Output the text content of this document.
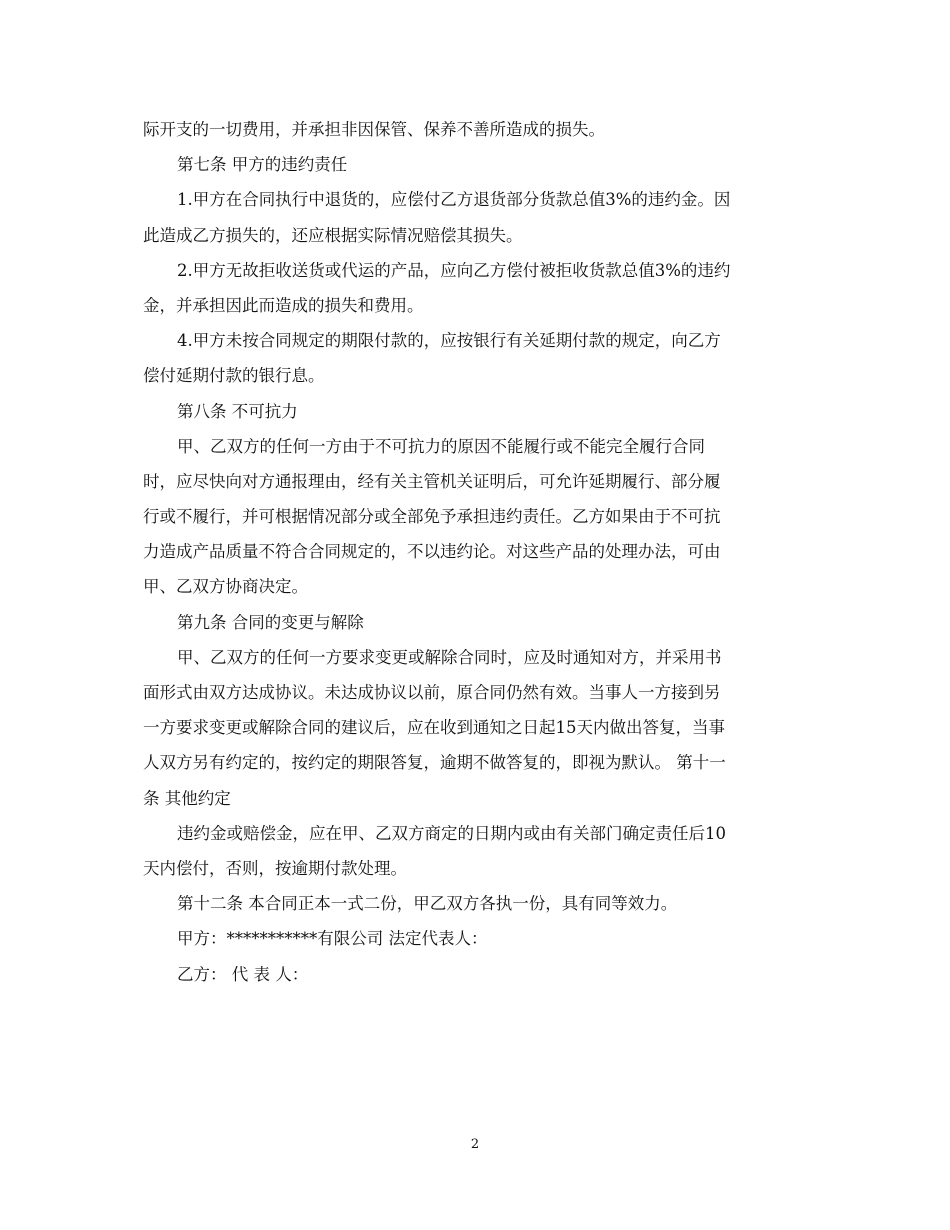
际开支的一切费用，并承担非因保管、保养不善所造成的损失。
第七条 甲方的违约责任
1.甲方在合同执行中退货的，应偿付乙方退货部分货款总值3%的违约金。因
此造成乙方损失的，还应根据实际情况赔偿其损失。
2.甲方无故拒收送货或代运的产品，应向乙方偿付被拒收货款总值3%的违约
金，并承担因此而造成的损失和费用。
4.甲方未按合同规定的期限付款的，应按银行有关延期付款的规定，向乙方
偿付延期付款的银行息。
第八条 不可抗力
甲、乙双方的任何一方由于不可抗力的原因不能履行或不能完全履行合同
时，应尽快向对方通报理由，经有关主管机关证明后，可允许延期履行、部分履
行或不履行，并可根据情况部分或全部免予承担违约责任。乙方如果由于不可抗
力造成产品质量不符合合同规定的，不以违约论。对这些产品的处理办法，可由
甲、乙双方协商决定。
第九条 合同的变更与解除
甲、乙双方的任何一方要求变更或解除合同时，应及时通知对方，并采用书
面形式由双方达成协议。未达成协议以前，原合同仍然有效。当事人一方接到另
一方要求变更或解除合同的建议后，应在收到通知之日起15天内做出答复，当事
人双方另有约定的，按约定的期限答复，逾期不做答复的，即视为默认。 第十一
条 其他约定
违约金或赔偿金，应在甲、乙双方商定的日期内或由有关部门确定责任后10
天内偿付，否则，按逾期付款处理。
第十二条 本合同正本一式二份，甲乙双方各执一份，具有同等效力。
甲方：***********有限公司 法定代表人：
乙方： 代 表 人：
2
